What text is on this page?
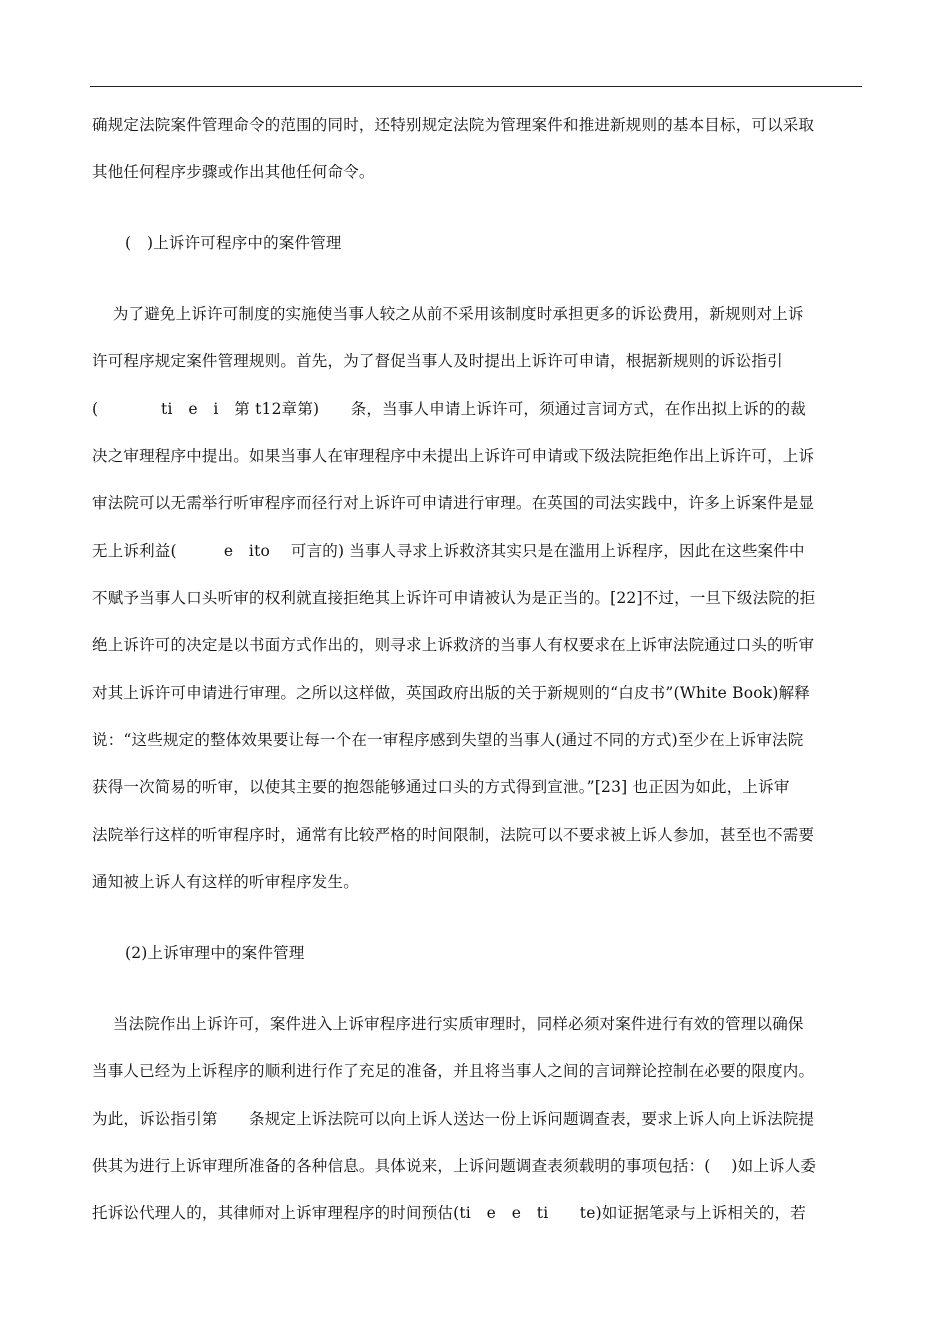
确规定法院案件管理命令的范围的同时，还特别规定法院为管理案件和推进新规则的基本目标，可以采取
其他任何程序步骤或作出其他任何命令。
(　)上诉许可程序中的案件管理
　 为了避免上诉许可制度的实施使当事人较之从前不采用该制度时承担更多的诉讼费用，新规则对上诉
许可程序规定案件管理规则。首先，为了督促当事人及时提出上诉许可申请，根据新规则的诉讼指引
(　　　　ti　e　i　第 t12章第)　　条，当事人申请上诉许可，须通过言词方式，在作出拟上诉的的裁
决之审理程序中提出。如果当事人在审理程序中未提出上诉许可申请或下级法院拒绝作出上诉许可，上诉
审法院可以无需举行听审程序而径行对上诉许可申请进行审理。在英国的司法实践中，许多上诉案件是显
无上诉利益(　　　e　ito　 可言的) 当事人寻求上诉救济其实只是在滥用上诉程序，因此在这些案件中
不赋予当事人口头听审的权利就直接拒绝其上诉许可申请被认为是正当的。[22]不过，一旦下级法院的拒
绝上诉许可的决定是以书面方式作出的，则寻求上诉救济的当事人有权要求在上诉审法院通过口头的听审
对其上诉许可申请进行审理。之所以这样做，英国政府出版的关于新规则的“白皮书”(White Book)解释
说：“这些规定的整体效果要让每一个在一审程序感到失望的当事人(通过不同的方式)至少在上诉审法院
获得一次简易的听审，以使其主要的抱怨能够通过口头的方式得到宣泄。”[23] 也正因为如此，上诉审
法院举行这样的听审程序时，通常有比较严格的时间限制，法院可以不要求被上诉人参加，甚至也不需要
通知被上诉人有这样的听审程序发生。
(2)上诉审理中的案件管理
　 当法院作出上诉许可，案件进入上诉审程序进行实质审理时，同样必须对案件进行有效的管理以确保
当事人已经为上诉程序的顺利进行作了充足的准备，并且将当事人之间的言词辩论控制在必要的限度内。
为此，诉讼指引第　　条规定上诉法院可以向上诉人送达一份上诉问题调查表，要求上诉人向上诉法院提
供其为进行上诉审理所准备的各种信息。具体说来，上诉问题调查表须载明的事项包括：(　 )如上诉人委
托诉讼代理人的，其律师对上诉审理程序的时间预估(ti　e　e　ti　　te)如证据笔录与上诉相关的，若
